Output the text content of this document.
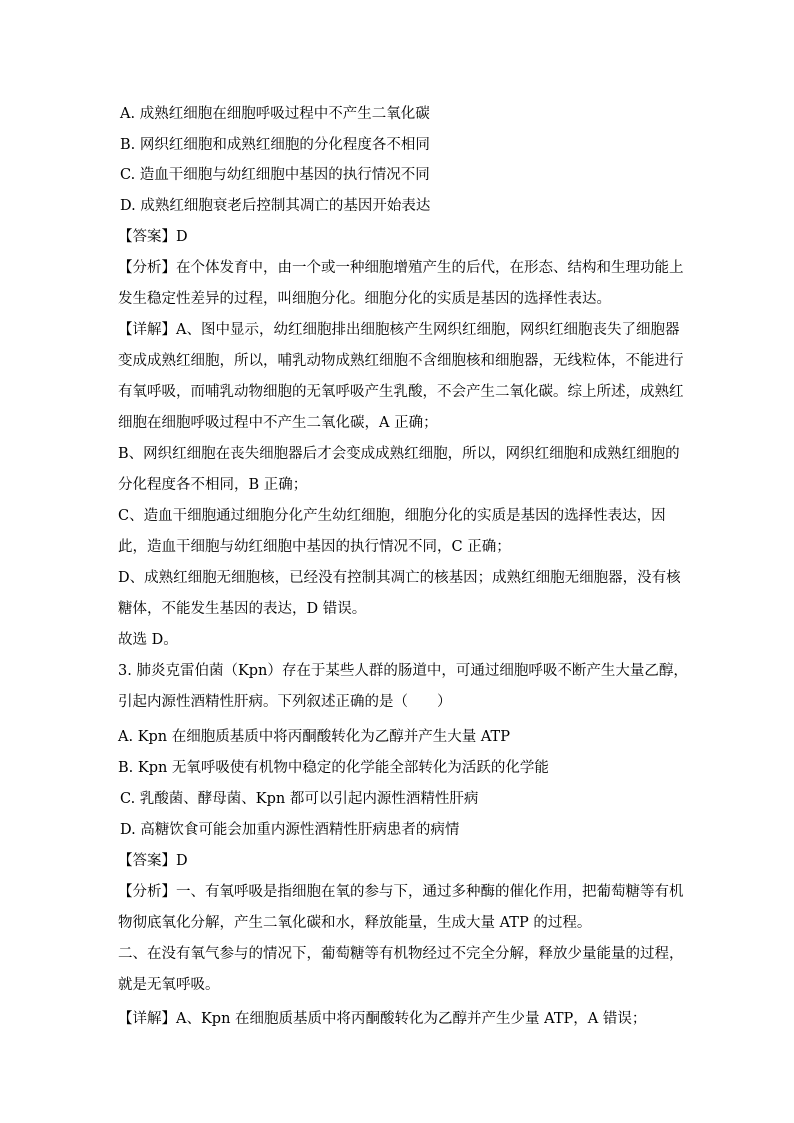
A. 成熟红细胞在细胞呼吸过程中不产生二氧化碳
B. 网织红细胞和成熟红细胞的分化程度各不相同
C. 造血干细胞与幼红细胞中基因的执行情况不同
D. 成熟红细胞衰老后控制其凋亡的基因开始表达
【答案】D
【分析】在个体发育中，由一个或一种细胞增殖产生的后代，在形态、结构和生理功能上
发生稳定性差异的过程，叫细胞分化。细胞分化的实质是基因的选择性表达。
【详解】A、图中显示，幼红细胞排出细胞核产生网织红细胞，网织红细胞丧失了细胞器
变成成熟红细胞，所以，哺乳动物成熟红细胞不含细胞核和细胞器，无线粒体，不能进行
有氧呼吸，而哺乳动物细胞的无氧呼吸产生乳酸，不会产生二氧化碳。综上所述，成熟红
细胞在细胞呼吸过程中不产生二氧化碳，A 正确；
B、网织红细胞在丧失细胞器后才会变成成熟红细胞，所以，网织红细胞和成熟红细胞的
分化程度各不相同，B 正确；
C、造血干细胞通过细胞分化产生幼红细胞，细胞分化的实质是基因的选择性表达，因
此，造血干细胞与幼红细胞中基因的执行情况不同，C 正确；
D、成熟红细胞无细胞核，已经没有控制其凋亡的核基因；成熟红细胞无细胞器，没有核
糖体，不能发生基因的表达，D 错误。
故选 D。
3. 肺炎克雷伯菌（Kpn）存在于某些人群的肠道中，可通过细胞呼吸不断产生大量乙醇，
引起内源性酒精性肝病。下列叙述正确的是（　　）
A. Kpn 在细胞质基质中将丙酮酸转化为乙醇并产生大量 ATP
B. Kpn 无氧呼吸使有机物中稳定的化学能全部转化为活跃的化学能
C. 乳酸菌、酵母菌、Kpn 都可以引起内源性酒精性肝病
D. 高糖饮食可能会加重内源性酒精性肝病患者的病情
【答案】D
【分析】一、有氧呼吸是指细胞在氧的参与下，通过多种酶的催化作用，把葡萄糖等有机
物彻底氧化分解，产生二氧化碳和水，释放能量，生成大量 ATP 的过程。
二、在没有氧气参与的情况下，葡萄糖等有机物经过不完全分解，释放少量能量的过程，
就是无氧呼吸。
【详解】A、Kpn 在细胞质基质中将丙酮酸转化为乙醇并产生少量 ATP，A 错误；
